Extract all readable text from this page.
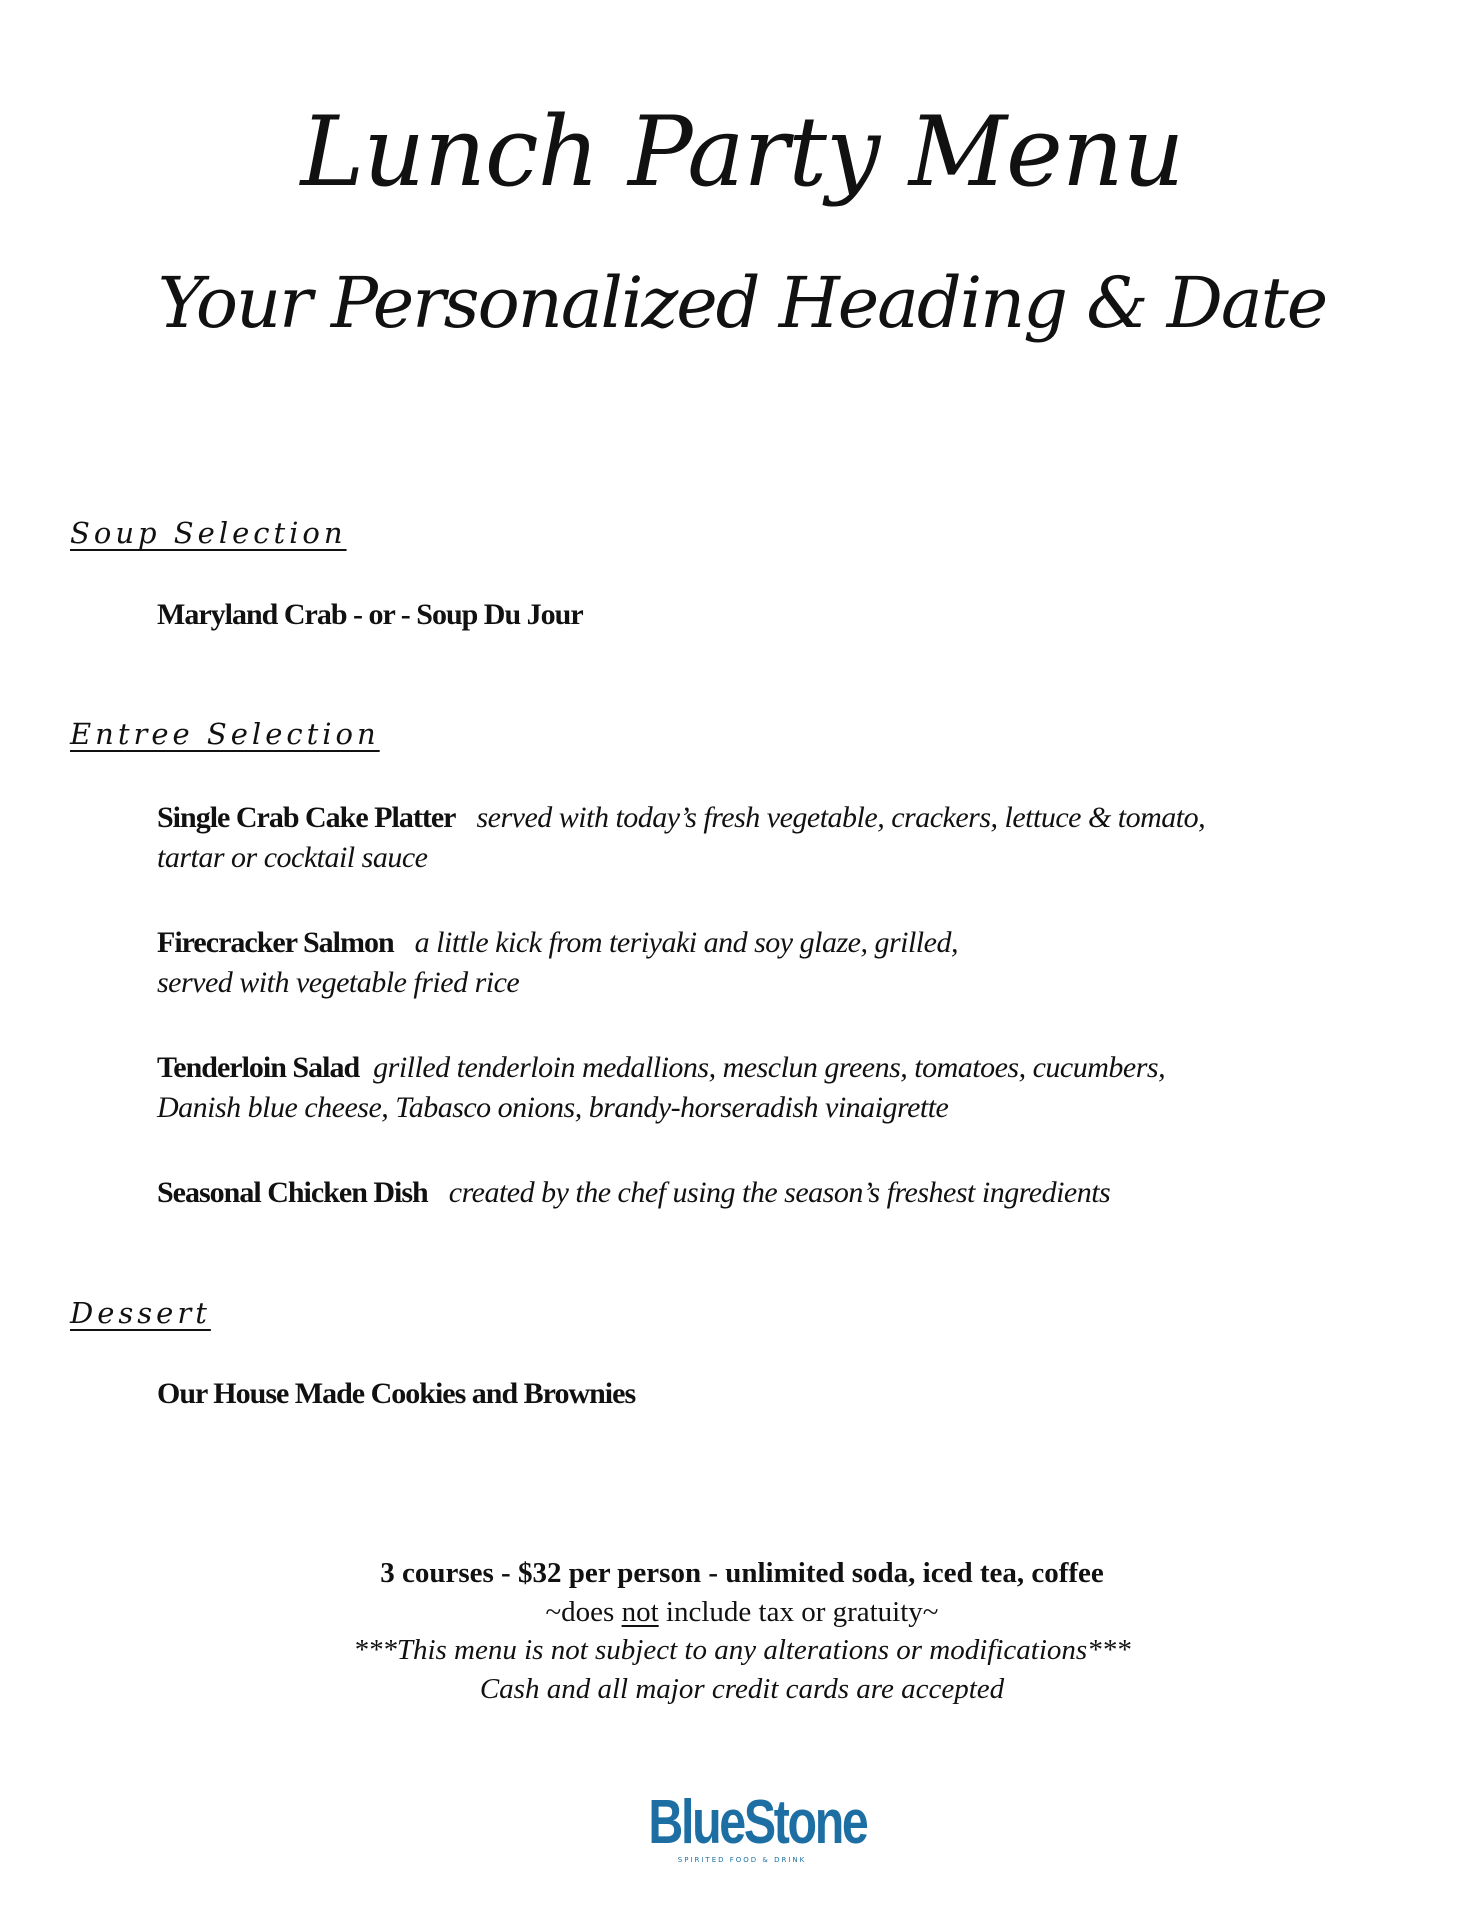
Lunch Party Menu
Your Personalized Heading & Date
Soup Selection
Maryland Crab - or - Soup Du Jour
Entree Selection
Single Crab Cake Platter served with today’s fresh vegetable, crackers, lettuce & tomato,
tartar or cocktail sauce
Firecracker Salmon a little kick from teriyaki and soy glaze, grilled,
served with vegetable fried rice
Tenderloin Salad grilled tenderloin medallions, mesclun greens, tomatoes, cucumbers,
Danish blue cheese, Tabasco onions, brandy-horseradish vinaigrette
Seasonal Chicken Dish created by the chef using the season’s freshest ingredients
Dessert
Our House Made Cookies and Brownies
3 courses - $32 per person - unlimited soda, iced tea, coffee
~does not include tax or gratuity~
***This menu is not subject to any alterations or modifications***
Cash and all major credit cards are accepted
BlueStone
SPIRITED FOOD & DRINK
